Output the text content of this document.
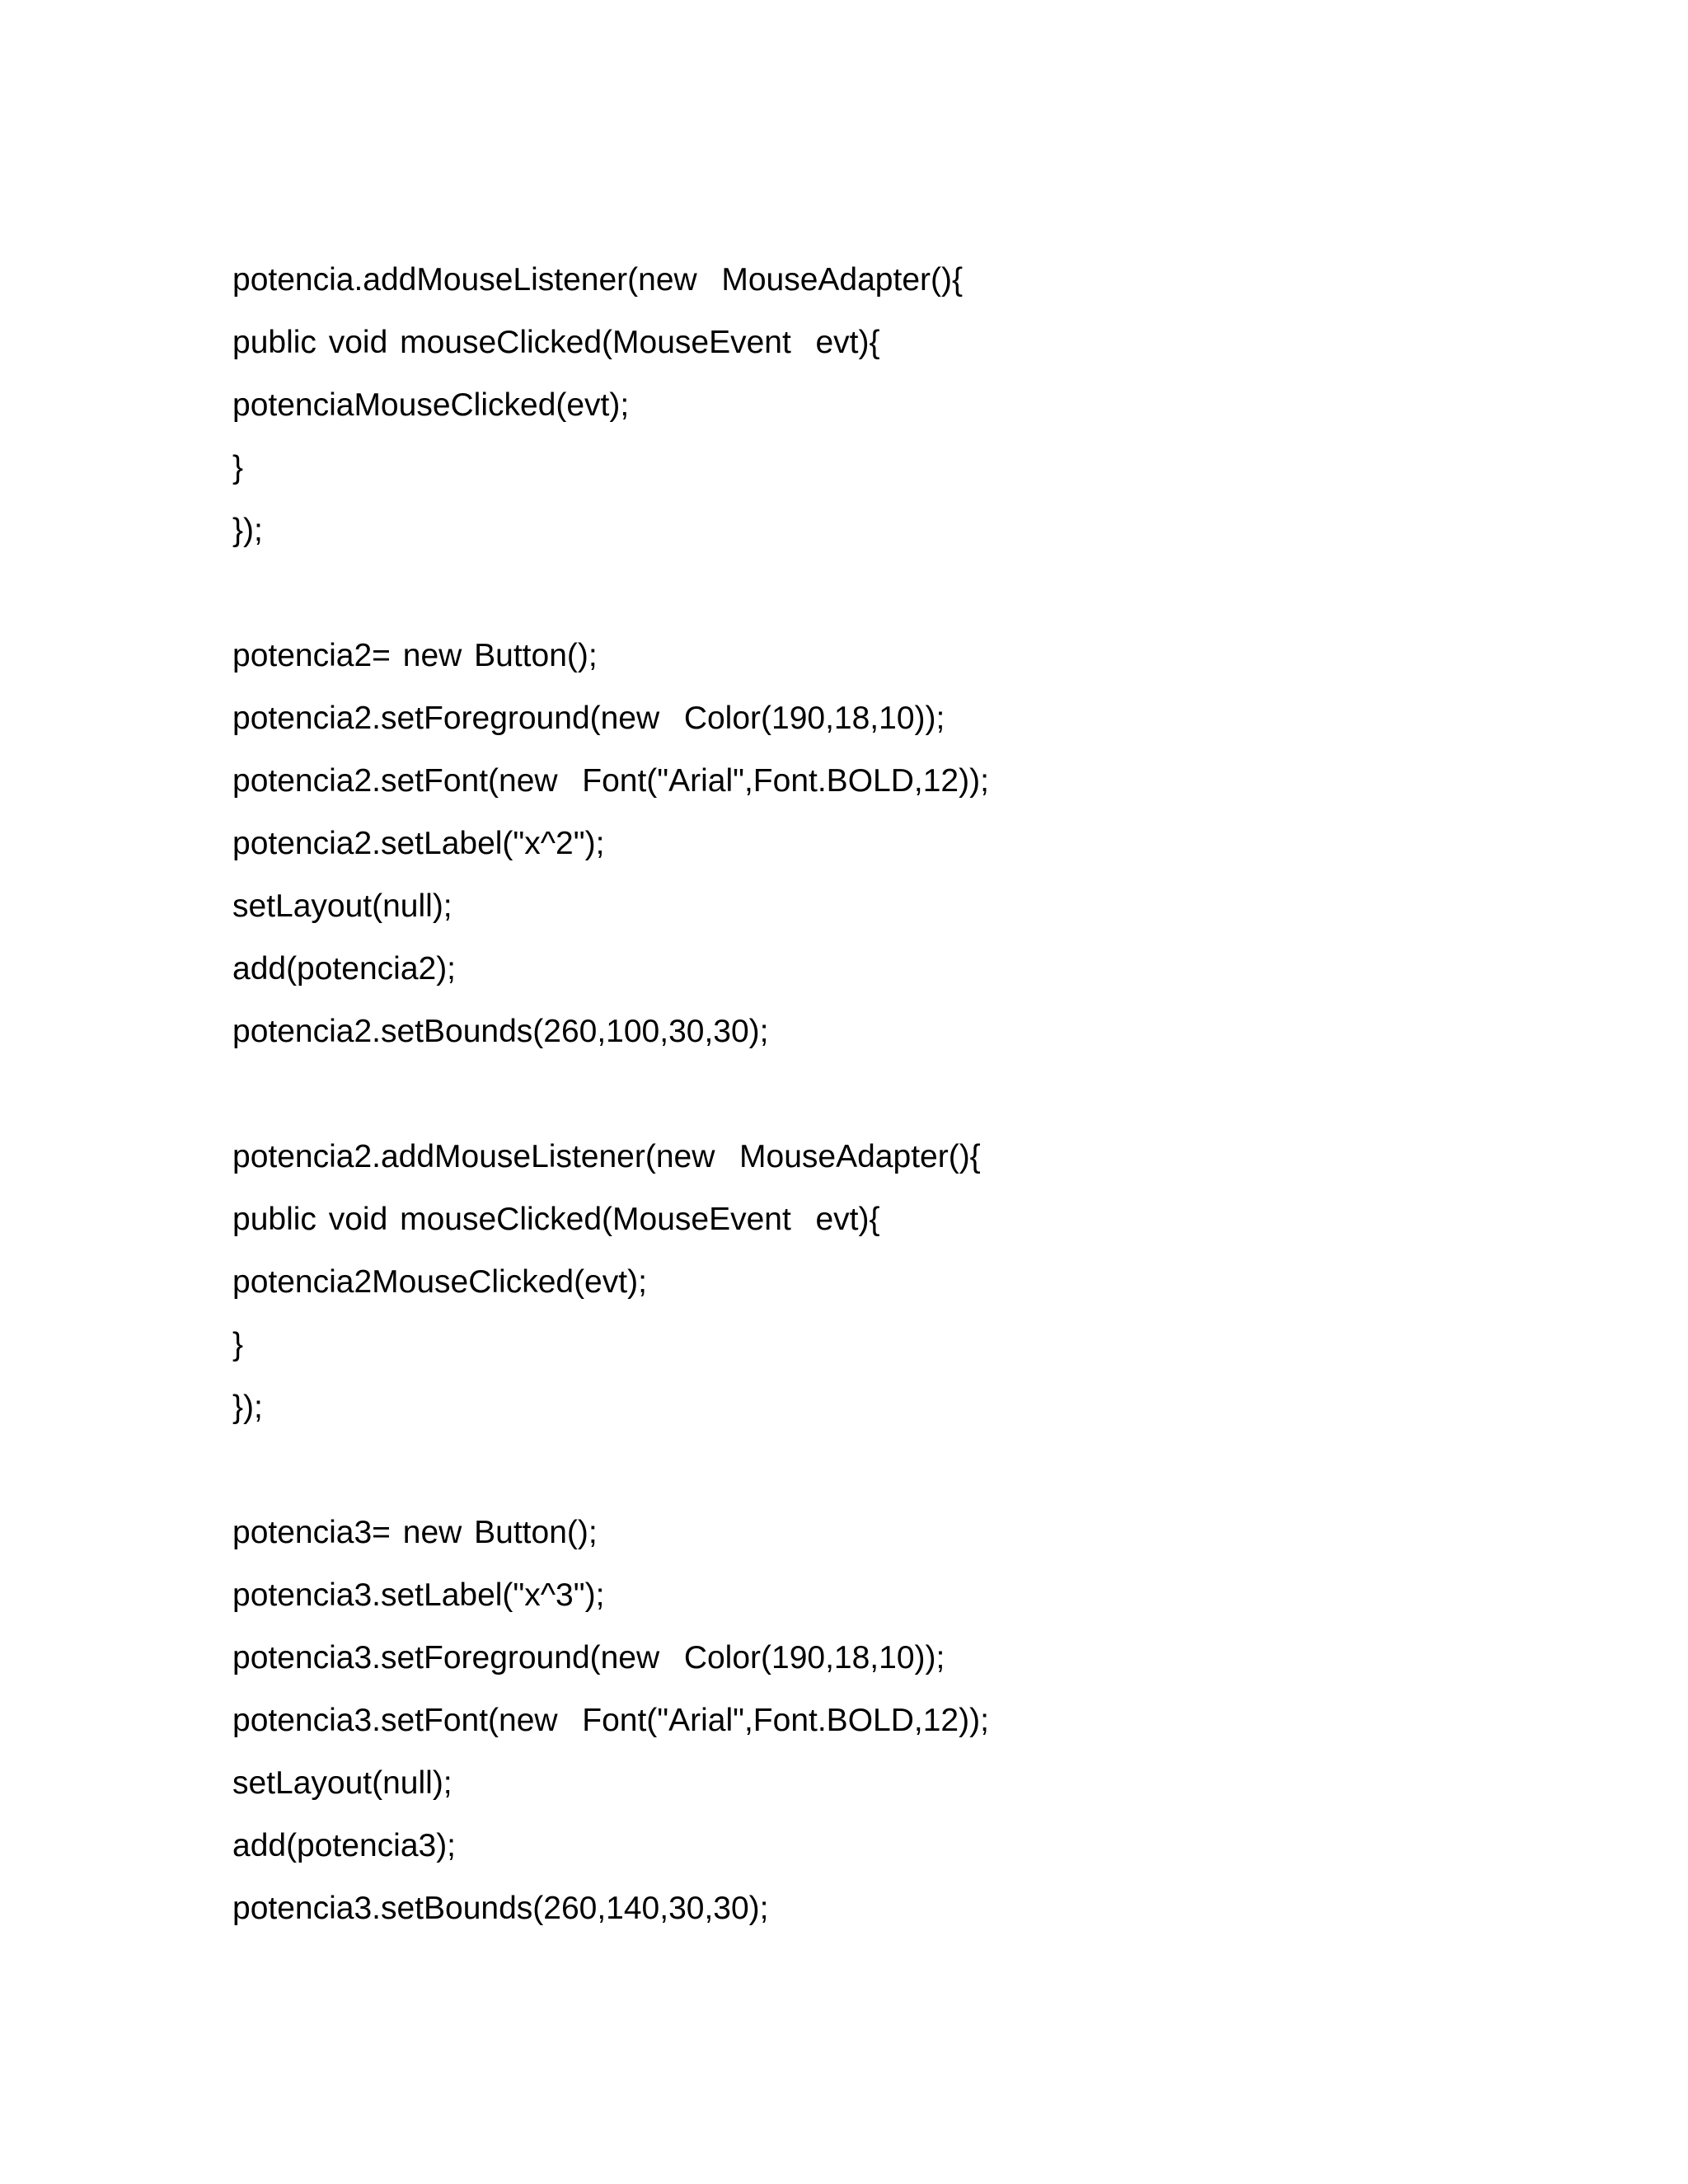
potencia.addMouseListener(new  MouseAdapter(){
public void mouseClicked(MouseEvent  evt){
potenciaMouseClicked(evt);
}
});
potencia2= new Button();
potencia2.setForeground(new  Color(190,18,10));
potencia2.setFont(new  Font("Arial",Font.BOLD,12));
potencia2.setLabel("x^2");
setLayout(null);
add(potencia2);
potencia2.setBounds(260,100,30,30);
potencia2.addMouseListener(new  MouseAdapter(){
public void mouseClicked(MouseEvent  evt){
potencia2MouseClicked(evt);
}
});
potencia3= new Button();
potencia3.setLabel("x^3");
potencia3.setForeground(new  Color(190,18,10));
potencia3.setFont(new  Font("Arial",Font.BOLD,12));
setLayout(null);
add(potencia3);
potencia3.setBounds(260,140,30,30);
